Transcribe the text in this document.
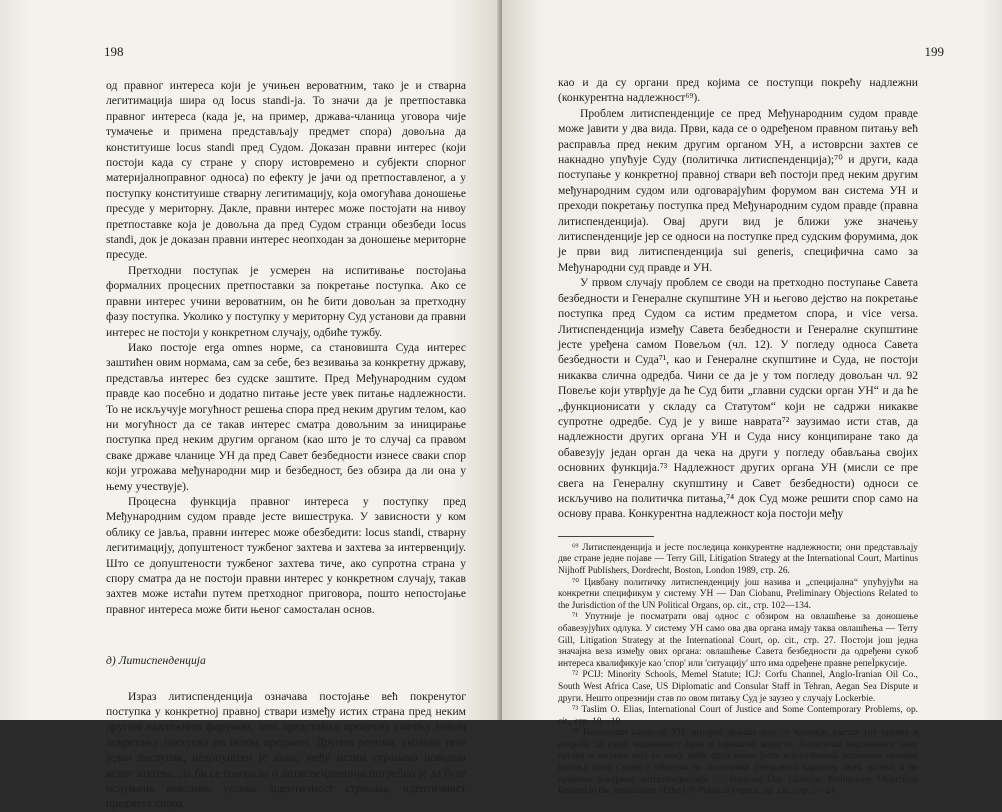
198

од правног интереса који је учињен вероватним, тако је и стварна легитимација шира од locus standi-ја. То значи да је претпоставка правног интереса (када је, на пример, држава-чланица уговора чије тумачење и примена представљају предмет спора) довољна да конституише locus standi пред Судом. Доказан правни интерес (који постоји када су стране у спору истовремено и субјекти спорног материјалноправног односа) по ефекту је јачи од претпоставленог, а у поступку конституише стварну легитимацију, која омогућава доношење пресуде у мериторну. Дакле, правни интерес може постојати на нивоу претпоставке која је довољна да пред Судом странци обезбеди locus standi, док је доказан правни интерес неопходан за доношење мериторне пресуде.

Претходни поступак је усмерен на испитивање постојања формалних процесних претпоставки за покретање поступка. Ако се правни интерес учини вероватним, он ће бити довољан за претходну фазу поступка. Уколико у поступку у мериторну Суд установи да правни интерес не постоји у конкретном случају, одбиће тужбу.

Иако постоје erga omnes норме, са становишта Суда интерес заштићен овим нормама, сам за себе, без везивања за конкретну државу, представља интерес без судске заштите. Пред Међународним судом правде као посебно и додатно питање јесте увек питање надлежности. То не искључује могућност решења спора пред неким другим телом, као ни могућност да се такав интерес сматра довољним за иницирање поступка пред неким другим органом (као што је то случај са правом сваке државе чланице УН да пред Савет безбедности изнесе сваки спор који угрожава међународни мир и безбедност, без обзира да ли она у њему учествује).

Процесна функција правног интереса у поступку пред Међународним судом правде јесте вишеструка. У зависности у ком облику се јавља, правни интерес може обезбедити: locus standi, стварну легитимацију, допуштеност тужбеног захтева и захтева за интервенцију. Што се допуштености тужбеног захтева тиче, ако супротна страна у спору сматра да не постоји правни интерес у конкретном случају, такав захтев може истаћи путем претходног приговора, пошто непостојање правног интереса може бити њеног самосталан основ.

д) Литиспенденција

Израз литиспенденција означава постојање већ покренутог поступка у конкретној правној ствари између истих страна пред неким другим надлежним форумом, што представља процесну сметњу новом покретању поступка по истом предмету. Другим речима, уколико тече један поступак, недопуштен је нови, међу истим странама поводом истог захтева. Да би се говорило о литиспенденцији потребно је да буде испуњено неколико услова: идентичност странака, идентичност предмета спора,

199

као и да су органи пред којима се поступци покрећу надлежни (конкурентна надлежност⁶⁹).

Проблем литиспенденције се пред Међународним судом правде може јавити у два вида. Први, када се о одређеном правном питању већ расправља пред неким другим органом УН, а истоврсни захтев се накнадно упућује Суду (политичка литиспенденција);⁷⁰ и други, када поступање у конкретној правној ствари већ постоји пред неким другим међународним судом или одговарајућим форумом ван система УН и преходи покретању поступка пред Међународним судом правде (правна литиспенденција). Овај други вид је ближи уже значењу литиспенденције јер се односи на поступке пред судским форумима, док је први вид литиспенденција sui generis, специфична само за Међународни суд правде и УН.

У првом случају проблем се своди на претходно поступање Савета безбедности и Генералне скупштине УН и његово дејство на покретање поступка пред Судом са истим предметом спора, и vice versa. Литиспенденција између Савета безбедности и Генералне скупштине јесте уређена самом Повељом (чл. 12). У погледу односа Савета безбедности и Суда⁷¹, као и Генералне скупштине и Суда, не постоји никаква слична одредба. Чини се да је у том погледу довољан чл. 92 Повеље који утврђује да ће Суд бити „главни судски орган УН“ и да ће „функционисати у складу са Статутом“ који не садржи никакве супротне одредбе. Суд је у више наврата⁷² заузимао исти став, да надлежности других органа УН и Суда нису конципиране тако да обавезују један орган да чека на други у погледу обављања својих основних функција.⁷³ Надлежност других органа УН (мисли се пре свега на Генералну скупштину и Савет безбедности) односи се искључиво на политичка питања,⁷⁴ док Суд може решити спор само на основу права. Конкурентна надлежност која постоји међу

⁶⁹ Литиспенденција и јесте последица конкурентне надлежности; они представљају две стране једне појаве — Terry Gill, Litigation Strategy at the International Court, Martinus Nijhoff Publishers, Dordrecht, Boston, London 1989, стр. 26.

⁷⁰ Цивбану политичку литиспенденцију још назива и „специјална“ упућујући на конкретни спецификум у систему УН — Dan Ciobanu, Preliminary Objections Related to the Jurisdiction of the UN Political Organs, op. cit., стр. 102—134.

⁷¹ Упутније је посматрати овај однос с обзиром на овлашћење за доношење обавезујућих одлука. У систему УН само ова два органа имају таква овлашћења — Terry Gill, Litigation Strategy at the International Court, op. cit., стр. 27. Постоји још једна значајна веза између ових органа: овлашћење Савета безбедности да одређени сукоб интереса квалификује као 'спор' или 'ситуацију' што има одређене правне репеÌркусије.

⁷² PCIJ: Minority Schools, Memel Statute; ICJ: Corfu Channel, Anglo-Iranian Oil Co., South West Africa Case, US Diplomatic and Consular Staff in Tehran, Aegan Sea Dispute и други. Нешто опрезнији став по овом питању Суд је заузео у случају Lockerbie.

⁷³ Taslim O. Elias, International Court of Justice and Some Contemporary Problems, op. cit., стр. 18—19.

⁷⁴ Политички карактер УН, интерес држава које су чланице, састав тих органа и потреба да своју надлежност брзо и ефикасно користе. Политичка надлежност ових органа и питања која се могу наћи пред њима јесте искључивања решавање оваквих питања пред Судом с обзиром на политички (неправни) карактер ових органа, а не примена доктрине литиспенденције. — Видети: Dan Ciobanu, Preliminary Objections Related to the Jurisdiction of the UN Political Organs, op. cit., стр. 1—24.
